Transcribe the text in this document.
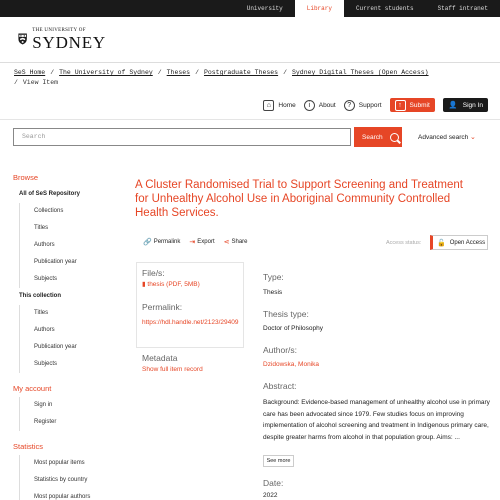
University	Library	Current students	Staff intranet
THE UNIVERSITY OF
SYDNEY
SeS Home / The University of Sydney / Theses / Postgraduate Theses / Sydney Digital Theses (Open Access)
/ View Item
⌂	Home	i	About	?	Support	↑	Submit	👤 Sign In
Search	Search	Advanced search ⌄
Browse
All of SeS Repository
Collections
Titles
Authors
Publication year
Subjects
This collection
Titles
Authors
Publication year
Subjects
My account
Sign in
Register
Statistics
Most popular items
Statistics by country
Most popular authors
A Cluster Randomised Trial to Support Screening and Treatment for Unhealthy Alcohol Use in Aboriginal Community Controlled Health Services.
🔗 Permalink ⇥ Export ⋖ Share	Access status: 🔓 Open Access
File/s:
▮ thesis (PDF, 5MB)
Permalink:
https://hdl.handle.net/2123/29409
Metadata
Show full item record
Type:
Thesis
Thesis type:
Doctor of Philosophy
Author/s:
Dzidowska, Monika
Abstract:
Background: Evidence-based management of unhealthy alcohol use in primary care has been advocated since 1979. Few studies focus on improving implementation of alcohol screening and treatment in Indigenous primary care, despite greater harms from alcohol in that population group. Aims: ...
See more
Date:
2022
